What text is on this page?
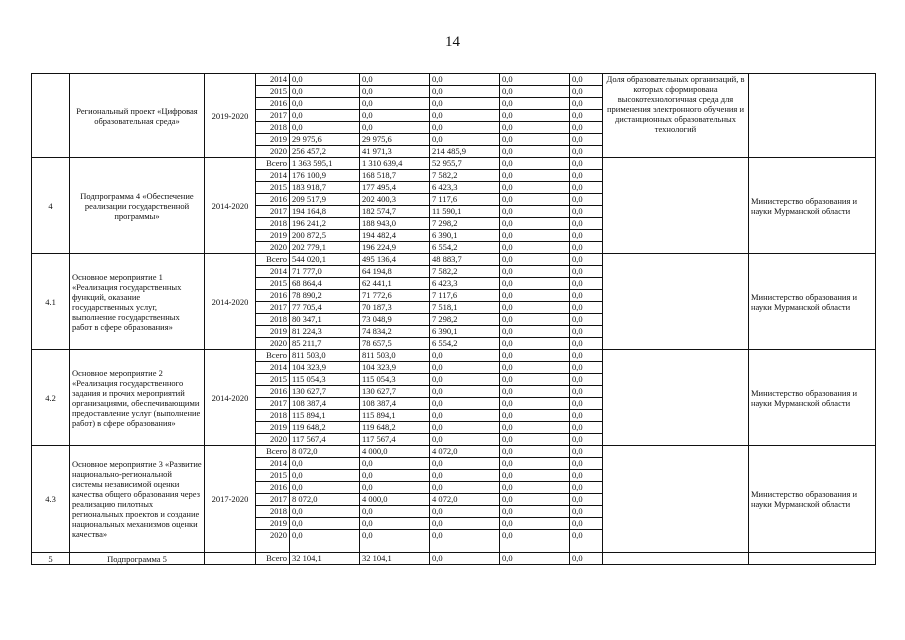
14
	Региональный проект «Цифровая образовательная среда»	2019-2020	2014	0,0	0,0	0,0	0,0	0,0	Доля образовательных организаций, в которых сформирована высокотехнологичная среда для применения электронного обучения и дистанционных образовательных технологий	
			2015	0,0	0,0	0,0	0,0	0,0		
			2016	0,0	0,0	0,0	0,0	0,0		
			2017	0,0	0,0	0,0	0,0	0,0		
			2018	0,0	0,0	0,0	0,0	0,0		
			2019	29 975,6	29 975,6	0,0	0,0	0,0		
			2020	256 457,2	41 971,3	214 485,9	0,0	0,0		
4	Подпрограмма 4 «Обеспечение реализации государственной программы»	2014-2020	Всего	1 363 595,1	1 310 639,4	52 955,7	0,0	0,0		Министерство образования и науки Мурманской области
			2014	176 100,9	168 518,7	7 582,2	0,0	0,0		
			2015	183 918,7	177 495,4	6 423,3	0,0	0,0		
			2016	209 517,9	202 400,3	7 117,6	0,0	0,0		
			2017	194 164,8	182 574,7	11 590,1	0,0	0,0		
			2018	196 241,2	188 943,0	7 298,2	0,0	0,0		
			2019	200 872,5	194 482,4	6 390,1	0,0	0,0		
			2020	202 779,1	196 224,9	6 554,2	0,0	0,0		
4.1	Основное мероприятие 1 «Реализация государственных функций, оказание государственных услуг, выполнение государственных работ в сфере образования»	2014-2020	Всего	544 020,1	495 136,4	48 883,7	0,0	0,0		Министерство образования и науки Мурманской области
			2014	71 777,0	64 194,8	7 582,2	0,0	0,0		
			2015	68 864,4	62 441,1	6 423,3	0,0	0,0		
			2016	78 890,2	71 772,6	7 117,6	0,0	0,0		
			2017	77 705,4	70 187,3	7 518,1	0,0	0,0		
			2018	80 347,1	73 048,9	7 298,2	0,0	0,0		
			2019	81 224,3	74 834,2	6 390,1	0,0	0,0		
			2020	85 211,7	78 657,5	6 554,2	0,0	0,0		
4.2	Основное мероприятие 2 «Реализация государственного задания и прочих мероприятий организациями, обеспечивающими предоставление услуг (выполнение работ) в сфере образования»	2014-2020	Всего	811 503,0	811 503,0	0,0	0,0	0,0		Министерство образования и науки Мурманской области
			2014	104 323,9	104 323,9	0,0	0,0	0,0		
			2015	115 054,3	115 054,3	0,0	0,0	0,0		
			2016	130 627,7	130 627,7	0,0	0,0	0,0		
			2017	108 387,4	108 387,4	0,0	0,0	0,0		
			2018	115 894,1	115 894,1	0,0	0,0	0,0		
			2019	119 648,2	119 648,2	0,0	0,0	0,0		
			2020	117 567,4	117 567,4	0,0	0,0	0,0		
4.3	Основное мероприятие 3 «Развитие национально-региональной системы независимой оценки качества общего образования через реализацию пилотных региональных проектов и создание национальных механизмов оценки качества»	2017-2020	Всего	8 072,0	4 000,0	4 072,0	0,0	0,0		Министерство образования и науки Мурманской области
			2014	0,0	0,0	0,0	0,0	0,0		
			2015	0,0	0,0	0,0	0,0	0,0		
			2016	0,0	0,0	0,0	0,0	0,0		
			2017	8 072,0	4 000,0	4 072,0	0,0	0,0		
			2018	0,0	0,0	0,0	0,0	0,0		
			2019	0,0	0,0	0,0	0,0	0,0		
			2020	0,0	0,0	0,0	0,0	0,0		
5	Подпрограмма 5		Всего	32 104,1	32 104,1	0,0	0,0	0,0		
